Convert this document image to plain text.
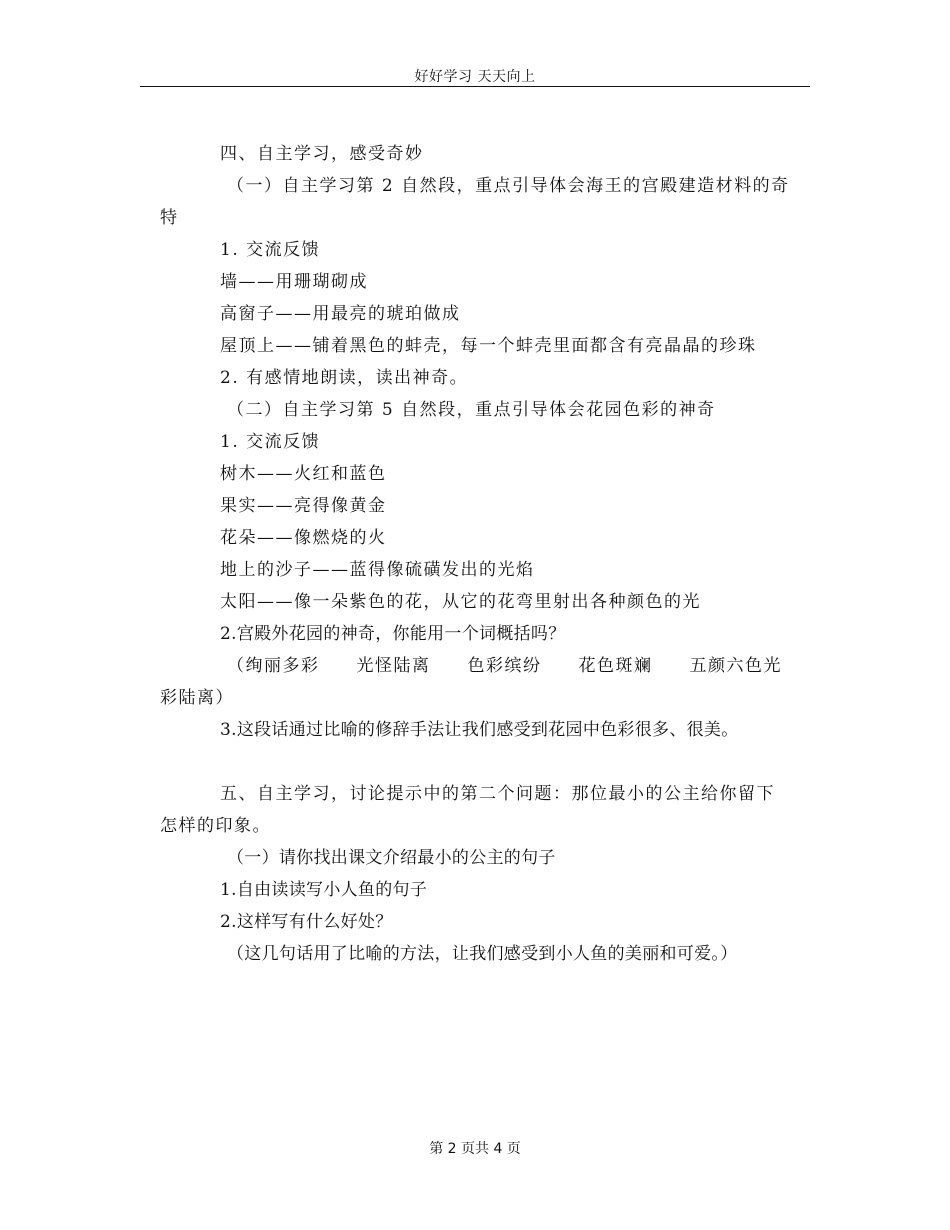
好好学习 天天向上

四、自主学习，感受奇妙

（一）自主学习第 2 自然段，重点引导体会海王的宫殿建造材料的奇特

1. 交流反馈

墙——用珊瑚砌成

高窗子——用最亮的琥珀做成

屋顶上——铺着黑色的蚌壳，每一个蚌壳里面都含有亮晶晶的珍珠

2. 有感情地朗读，读出神奇。

（二）自主学习第 5 自然段，重点引导体会花园色彩的神奇

1. 交流反馈

树木——火红和蓝色

果实——亮得像黄金

花朵——像燃烧的火

地上的沙子——蓝得像硫磺发出的光焰

太阳——像一朵紫色的花，从它的花弯里射出各种颜色的光

2.宫殿外花园的神奇，你能用一个词概括吗？

（绚丽多彩　　光怪陆离　　色彩缤纷　　花色斑斓　　五颜六色光彩陆离）

3.这段话通过比喻的修辞手法让我们感受到花园中色彩很多、很美。

五、自主学习，讨论提示中的第二个问题：那位最小的公主给你留下怎样的印象。

（一）请你找出课文介绍最小的公主的句子

1.自由读读写小人鱼的句子

2.这样写有什么好处？

（这几句话用了比喻的方法，让我们感受到小人鱼的美丽和可爱。）

第 2 页共 4 页
